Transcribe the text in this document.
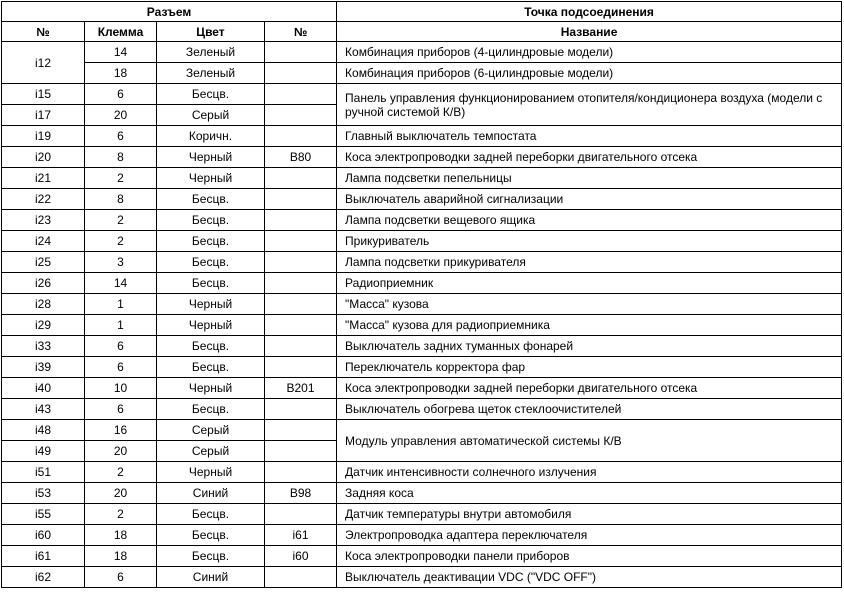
Разъем				Точка подсоединения
№	Клемма	Цвет	№	Название
i12	14	Зеленый		Комбинация приборов (4-цилиндровые модели)
	18	Зеленый		Комбинация приборов (6-цилиндровые модели)
i15	6	Бесцв.		Панель управления функционированием отопителя/кондиционера воздуха (модели с ручной системой К/В)
i17	20	Серый		
i19	6	Коричн.		Главный выключатель темпостата
i20	8	Черный	B80	Коса электропроводки задней переборки двигательного отсека
i21	2	Черный		Лампа подсветки пепельницы
i22	8	Бесцв.		Выключатель аварийной сигнализации
i23	2	Бесцв.		Лампа подсветки вещевого ящика
i24	2	Бесцв.		Прикуриватель
i25	3	Бесцв.		Лампа подсветки прикуривателя
i26	14	Бесцв.		Радиоприемник
i28	1	Черный		"Масса" кузова
i29	1	Черный		"Масса" кузова для радиоприемника
i33	6	Бесцв.		Выключатель задних туманных фонарей
i39	6	Бесцв.		Переключатель корректора фар
i40	10	Черный	B201	Коса электропроводки задней переборки двигательного отсека
i43	6	Бесцв.		Выключатель обогрева щеток стеклоочистителей
i48	16	Серый		Модуль управления автоматической системы К/В
i49	20	Серый		
i51	2	Черный		Датчик интенсивности солнечного излучения
i53	20	Синий	B98	Задняя коса
i55	2	Бесцв.		Датчик температуры внутри автомобиля
i60	18	Бесцв.	i61	Электропроводка адаптера переключателя
i61	18	Бесцв.	i60	Коса электропроводки панели приборов
i62	6	Синий		Выключатель деактивации VDC ("VDC OFF")
